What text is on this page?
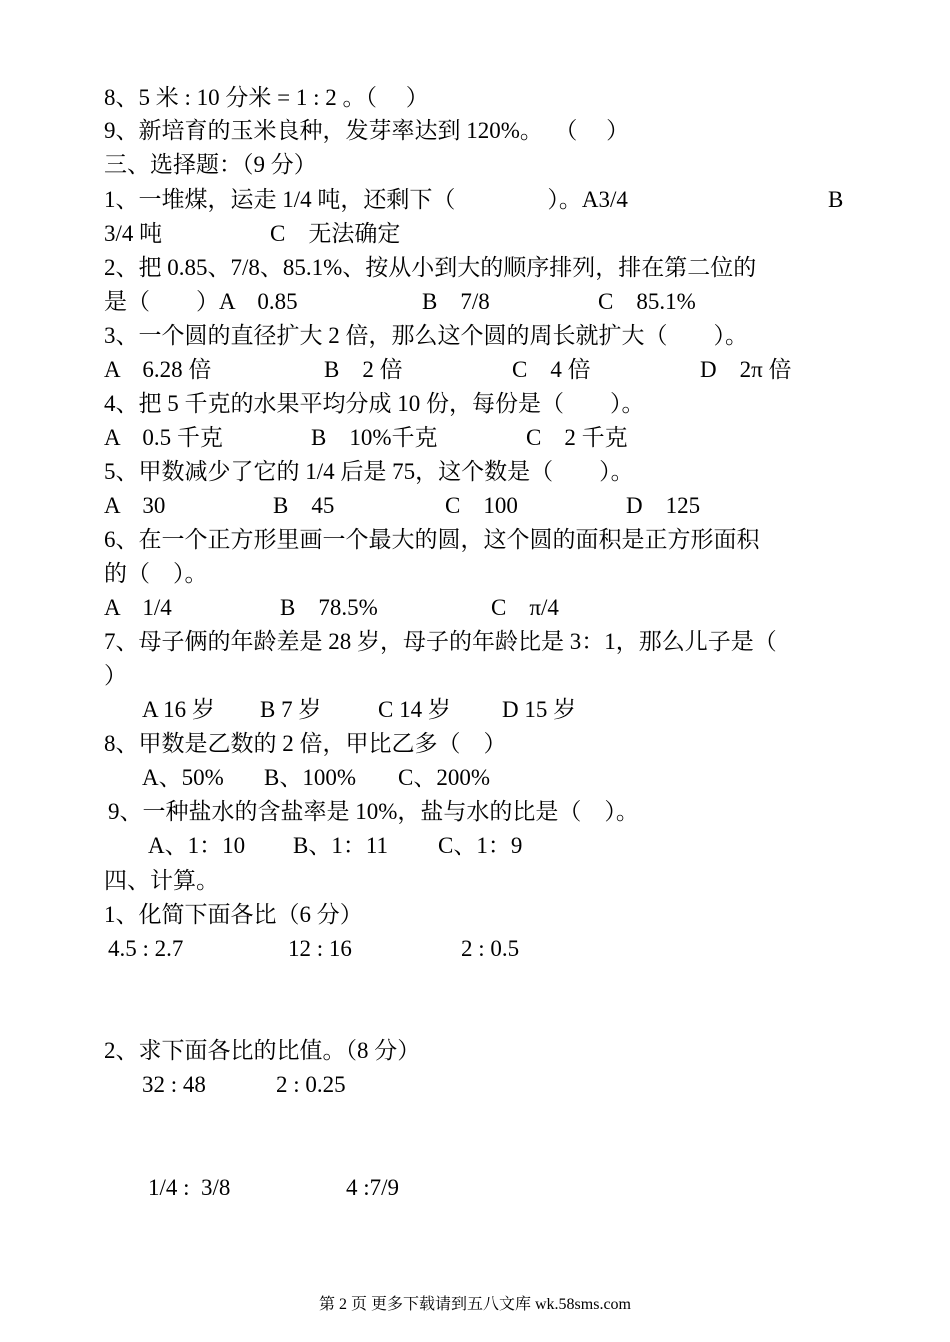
8、5 米 : 10 分米 = 1 : 2 。（　 ）
9、新培育的玉米良种，发芽率达到 120%。  （　 ）
三、选择题：（9 分）
1、一堆煤，运走 1/4 吨，还剩下（　　　　）。A3/4	B
3/4 吨	C　无法确定
2、把 0.85、7/8、85.1%、按从小到大的顺序排列，排在第二位的
是（　　）A　0.85	B　7/8	C　85.1%
3、一个圆的直径扩大 2 倍，那么这个圆的周长就扩大（　　）。
A　6.28 倍	B　2 倍	C　4 倍	D　2π 倍
4、把 5 千克的水果平均分成 10 份，每份是（　　）。
A　0.5 千克	B　10%千克	C　2 千克
5、甲数减少了它的 1/4 后是 75，这个数是（　　）。
A　30	B　45	C　100	D　125
6、在一个正方形里画一个最大的圆，这个圆的面积是正方形面积
的（　）。
A　1/4	B　78.5%	C　π/4
7、母子俩的年龄差是 28 岁，母子的年龄比是 3：1，那么儿子是（
）
A 16 岁 B 7 岁 C 14 岁 D 15 岁
8、甲数是乙数的 2 倍，甲比乙多（　）
A、50% B、100% C、200%
9、一种盐水的含盐率是 10%，盐与水的比是（　）。
A、1：10 B、1：11 C、1：9
四、计算。
1、化简下面各比（6 分）
4.5 : 2.7	12 : 16	2 : 0.5
2、求下面各比的比值。（8 分）
32 : 48	2 : 0.25
1/4 :  3/8	4 :7/9
第 2 页 更多下载请到五八文库 wk.58sms.com
